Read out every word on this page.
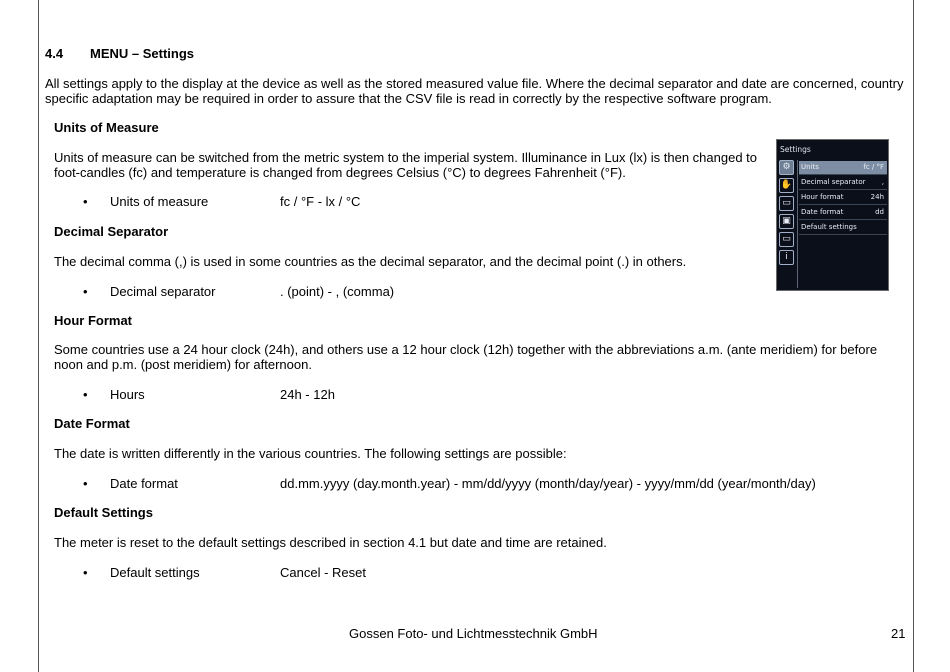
4.4 MENU – Settings

All settings apply to the display at the device as well as the stored measured value file. Where the decimal separator and date are concerned, country specific adaptation may be required in order to assure that the CSV file is read in correctly by the respective software program.

Units of Measure

Units of measure can be switched from the metric system to the imperial system. Illuminance in Lux (lx) is then changed to foot-candles (fc) and temperature is changed from degrees Celsius (°C) to degrees Fahrenheit (°F).

• Units of measure	fc / °F - lx / °C

Decimal Separator

The decimal comma (,) is used in some countries as the decimal separator, and the decimal point (.) in others.

• Decimal separator	. (point) - , (comma)

Hour Format

Some countries use a 24 hour clock (24h), and others use a 12 hour clock (12h) together with the abbreviations a.m. (ante meridiem) for before noon and p.m. (post meridiem) for afternoon.

• Hours	24h - 12h

Date Format

The date is written differently in the various countries. The following settings are possible:

• Date format	dd.mm.yyyy (day.month.year) - mm/dd/yyyy (month/day/year) - yyyy/mm/dd (year/month/day)

Default Settings

The meter is reset to the default settings described in section 4.1 but date and time are retained.

• Default settings	Cancel - Reset

Settings
⚙
✋
▭
▣
▭
i
Units	fc / °F
Decimal separator ,
Hour format	24h
Date format	dd
Default settings

Gossen Foto- und Lichtmesstechnik GmbH	21
